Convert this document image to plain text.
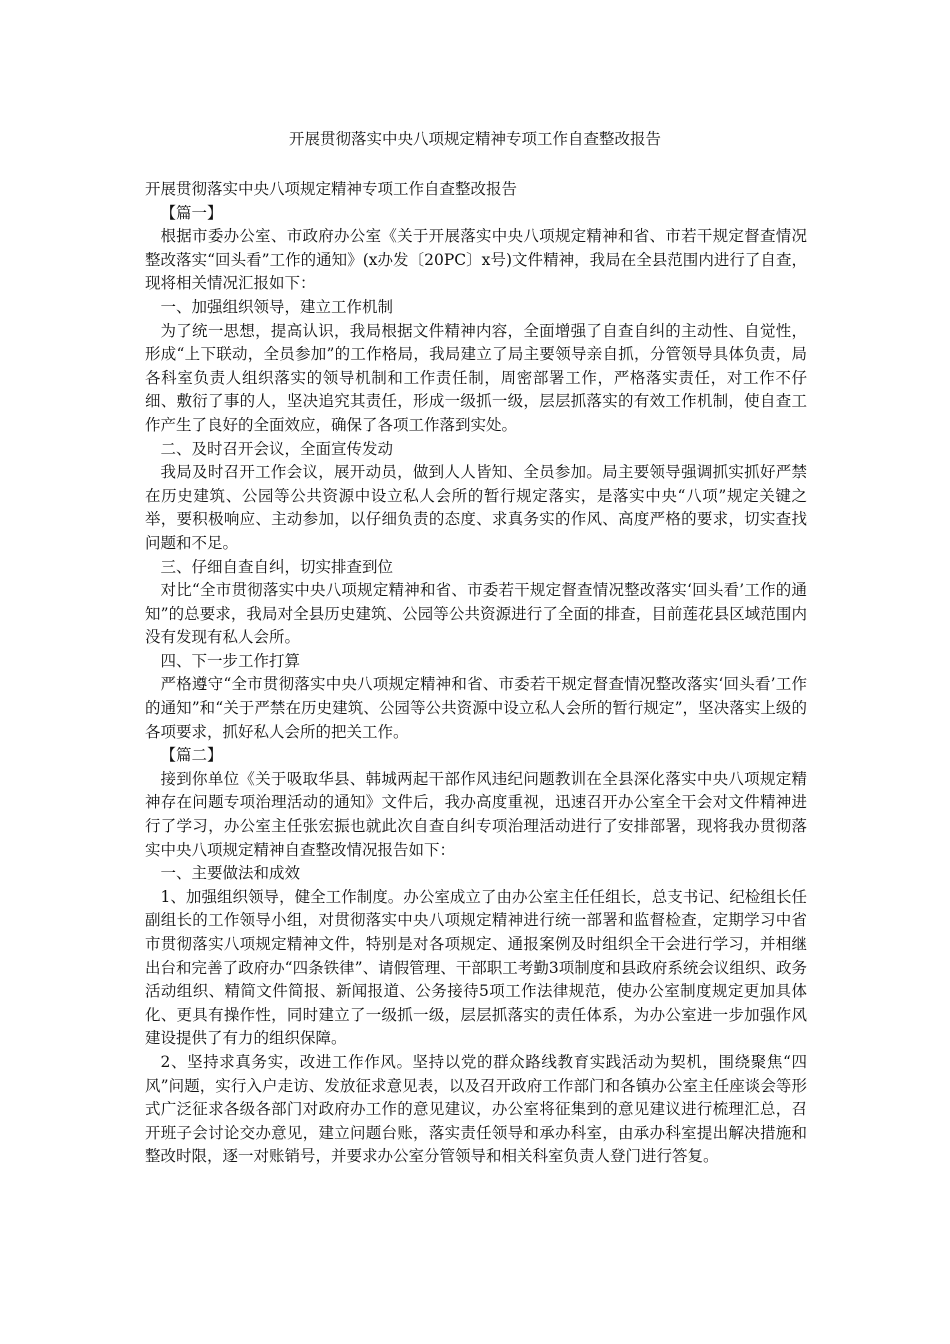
开展贯彻落实中央八项规定精神专项工作自查整改报告

开展贯彻落实中央八项规定精神专项工作自查整改报告

【篇一】

根据市委办公室、市政府办公室《关于开展落实中央八项规定精神和省、市若干规定督查情况整改落实“回头看”工作的通知》(x办发〔20PC〕x号)文件精神，我局在全县范围内进行了自查，现将相关情况汇报如下：

一、加强组织领导，建立工作机制

为了统一思想，提高认识，我局根据文件精神内容，全面增强了自查自纠的主动性、自觉性，形成“上下联动，全员参加”的工作格局，我局建立了局主要领导亲自抓，分管领导具体负责，局各科室负责人组织落实的领导机制和工作责任制，周密部署工作，严格落实责任，对工作不仔细、敷衍了事的人，坚决追究其责任，形成一级抓一级，层层抓落实的有效工作机制，使自查工作产生了良好的全面效应，确保了各项工作落到实处。

二、及时召开会议，全面宣传发动

我局及时召开工作会议，展开动员，做到人人皆知、全员参加。局主要领导强调抓实抓好严禁在历史建筑、公园等公共资源中设立私人会所的暂行规定落实，是落实中央“八项”规定关键之举，要积极响应、主动参加，以仔细负责的态度、求真务实的作风、高度严格的要求，切实查找问题和不足。

三、仔细自查自纠，切实排查到位

对比“全市贯彻落实中央八项规定精神和省、市委若干规定督查情况整改落实‘回头看’工作的通知”的总要求，我局对全县历史建筑、公园等公共资源进行了全面的排查，目前莲花县区域范围内没有发现有私人会所。

四、下一步工作打算

严格遵守“全市贯彻落实中央八项规定精神和省、市委若干规定督查情况整改落实‘回头看’工作的通知”和“关于严禁在历史建筑、公园等公共资源中设立私人会所的暂行规定”，坚决落实上级的各项要求，抓好私人会所的把关工作。

【篇二】

接到你单位《关于吸取华县、韩城两起干部作风违纪问题教训在全县深化落实中央八项规定精神存在问题专项治理活动的通知》文件后，我办高度重视，迅速召开办公室全干会对文件精神进行了学习，办公室主任张宏振也就此次自查自纠专项治理活动进行了安排部署，现将我办贯彻落实中央八项规定精神自查整改情况报告如下：

一、主要做法和成效

1、加强组织领导，健全工作制度。办公室成立了由办公室主任任组长，总支书记、纪检组长任副组长的工作领导小组，对贯彻落实中央八项规定精神进行统一部署和监督检查，定期学习中省市贯彻落实八项规定精神文件，特别是对各项规定、通报案例及时组织全干会进行学习，并相继出台和完善了政府办“四条铁律”、请假管理、干部职工考勤3项制度和县政府系统会议组织、政务活动组织、精简文件简报、新闻报道、公务接待5项工作法律规范，使办公室制度规定更加具体化、更具有操作性，同时建立了一级抓一级，层层抓落实的责任体系，为办公室进一步加强作风建设提供了有力的组织保障。

2、坚持求真务实，改进工作作风。坚持以党的群众路线教育实践活动为契机，围绕聚焦“四风”问题，实行入户走访、发放征求意见表，以及召开政府工作部门和各镇办公室主任座谈会等形式广泛征求各级各部门对政府办工作的意见建议，办公室将征集到的意见建议进行梳理汇总，召开班子会讨论交办意见，建立问题台账，落实责任领导和承办科室，由承办科室提出解决措施和整改时限，逐一对账销号，并要求办公室分管领导和相关科室负责人登门进行答复。
